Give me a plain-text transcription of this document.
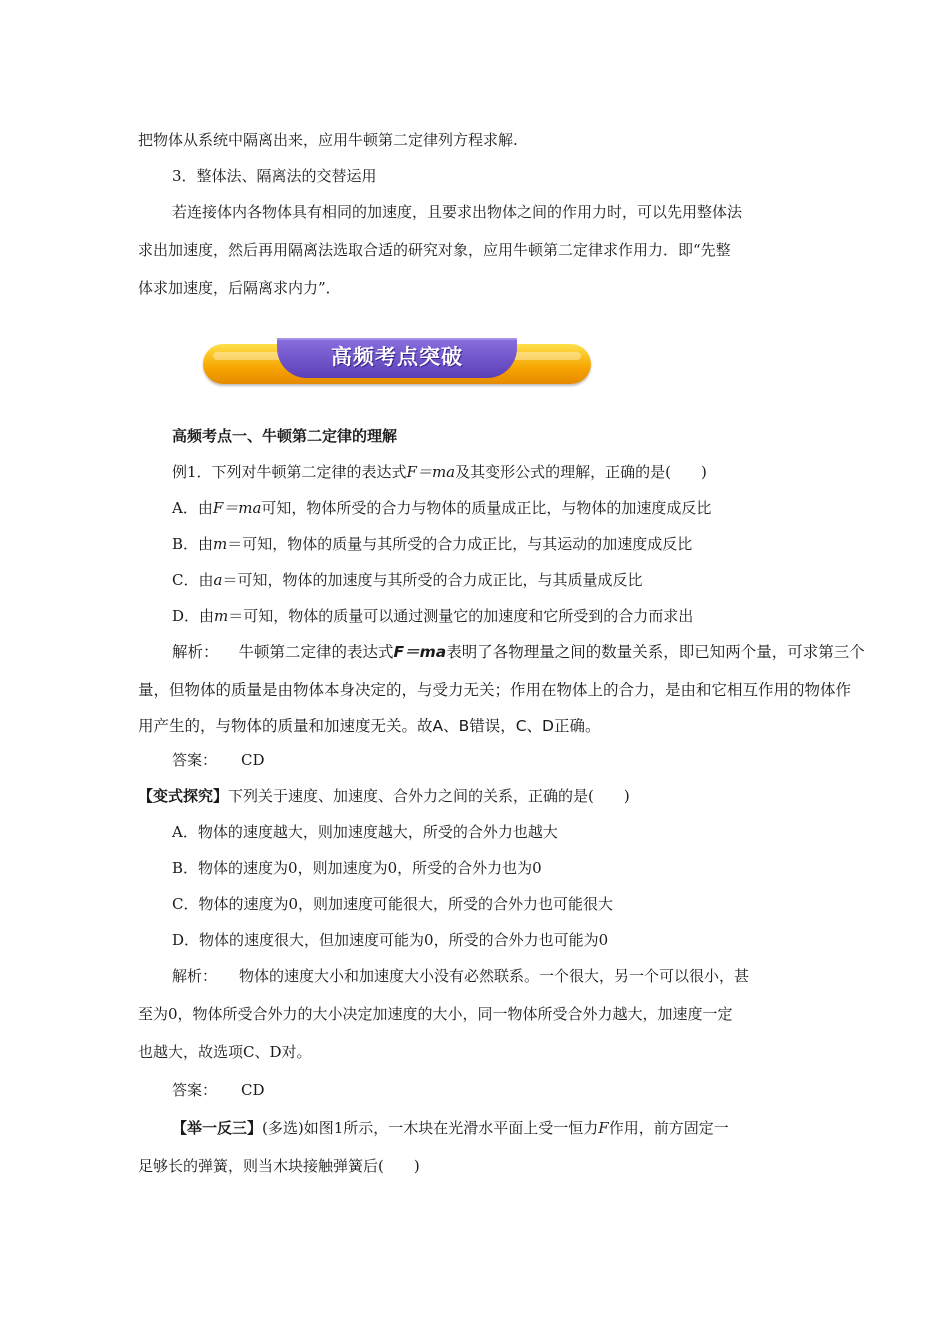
把物体从系统中隔离出来，应用牛顿第二定律列方程求解.
3．整体法、隔离法的交替运用
若连接体内各物体具有相同的加速度，且要求出物体之间的作用力时，可以先用整体法
求出加速度，然后再用隔离法选取合适的研究对象，应用牛顿第二定律求作用力．即“先整
体求加速度，后隔离求内力”．
高频考点突破
高频考点一、牛顿第二定律的理解
例1．下列对牛顿第二定律的表达式F＝ma及其变形公式的理解，正确的是(　　)
A．由F＝ma可知，物体所受的合力与物体的质量成正比，与物体的加速度成反比
B．由m＝可知，物体的质量与其所受的合力成正比，与其运动的加速度成反比
C．由a＝可知，物体的加速度与其所受的合力成正比，与其质量成反比
D．由m＝可知，物体的质量可以通过测量它的加速度和它所受到的合力而求出
解析： 牛顿第二定律的表达式F＝ma表明了各物理量之间的数量关系，即已知两个量，可求第三个
量，但物体的质量是由物体本身决定的，与受力无关；作用在物体上的合力，是由和它相互作用的物体作
用产生的，与物体的质量和加速度无关。故A、B错误，C、D正确。
答案： CD
【变式探究】下列关于速度、加速度、合外力之间的关系，正确的是(　　)
A．物体的速度越大，则加速度越大，所受的合外力也越大
B．物体的速度为0，则加速度为0，所受的合外力也为0
C．物体的速度为0，则加速度可能很大，所受的合外力也可能很大
D．物体的速度很大，但加速度可能为0，所受的合外力也可能为0
解析： 物体的速度大小和加速度大小没有必然联系。一个很大，另一个可以很小，甚
至为0，物体所受合外力的大小决定加速度的大小，同一物体所受合外力越大，加速度一定
也越大，故选项C、D对。
答案： CD
【举一反三】(多选)如图1所示，一木块在光滑水平面上受一恒力F作用，前方固定一
足够长的弹簧，则当木块接触弹簧后(　　)
